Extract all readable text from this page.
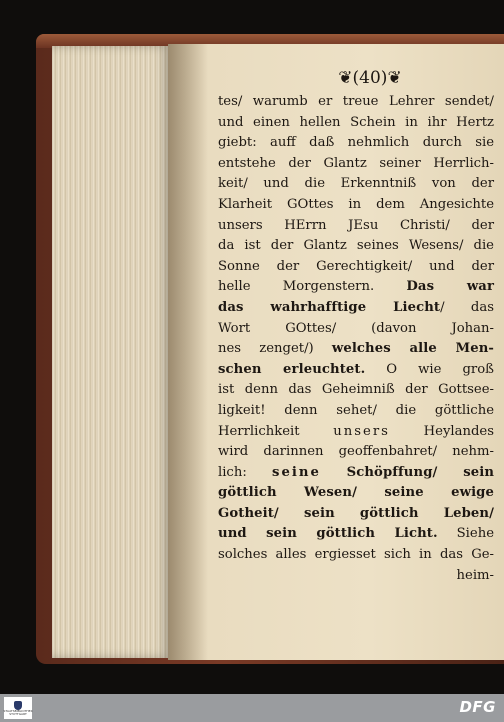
❦(40)❦
tes/ warumb er treue Lehrer sendet/
und einen hellen Schein in ihr Hertz
giebt: auff daß nehmlich durch sie
entstehe der Glantz seiner Herrlich-
keit/ und die Erkenntniß von der
Klarheit GOttes in dem Angesichte
unsers HErrn JEsu Christi/ der
da ist der Glantz seines Wesens/ die
Sonne der Gerechtigkeit/ und der
helle Morgenstern. Das war
das wahrhafftige Liecht/ das
Wort GOttes/ (davon Johan-
nes zenget/) welches alle Men-
schen erleuchtet. O wie groß
ist denn das Geheimniß der Gottsee-
ligkeit! denn sehet/ die göttliche
Herrlichkeit unsers Heylandes
wird darinnen geoffenbahret/ nehm-
lich: seine Schöpffung/ sein
göttlich Wesen/ seine ewige
Gotheit/ sein göttlich Leben/
und sein göttlich Licht. Siehe
solches alles ergiesset sich in das Ge-
heim-
STAATSBIBLIOTHEK
STUTTGART	DFG
